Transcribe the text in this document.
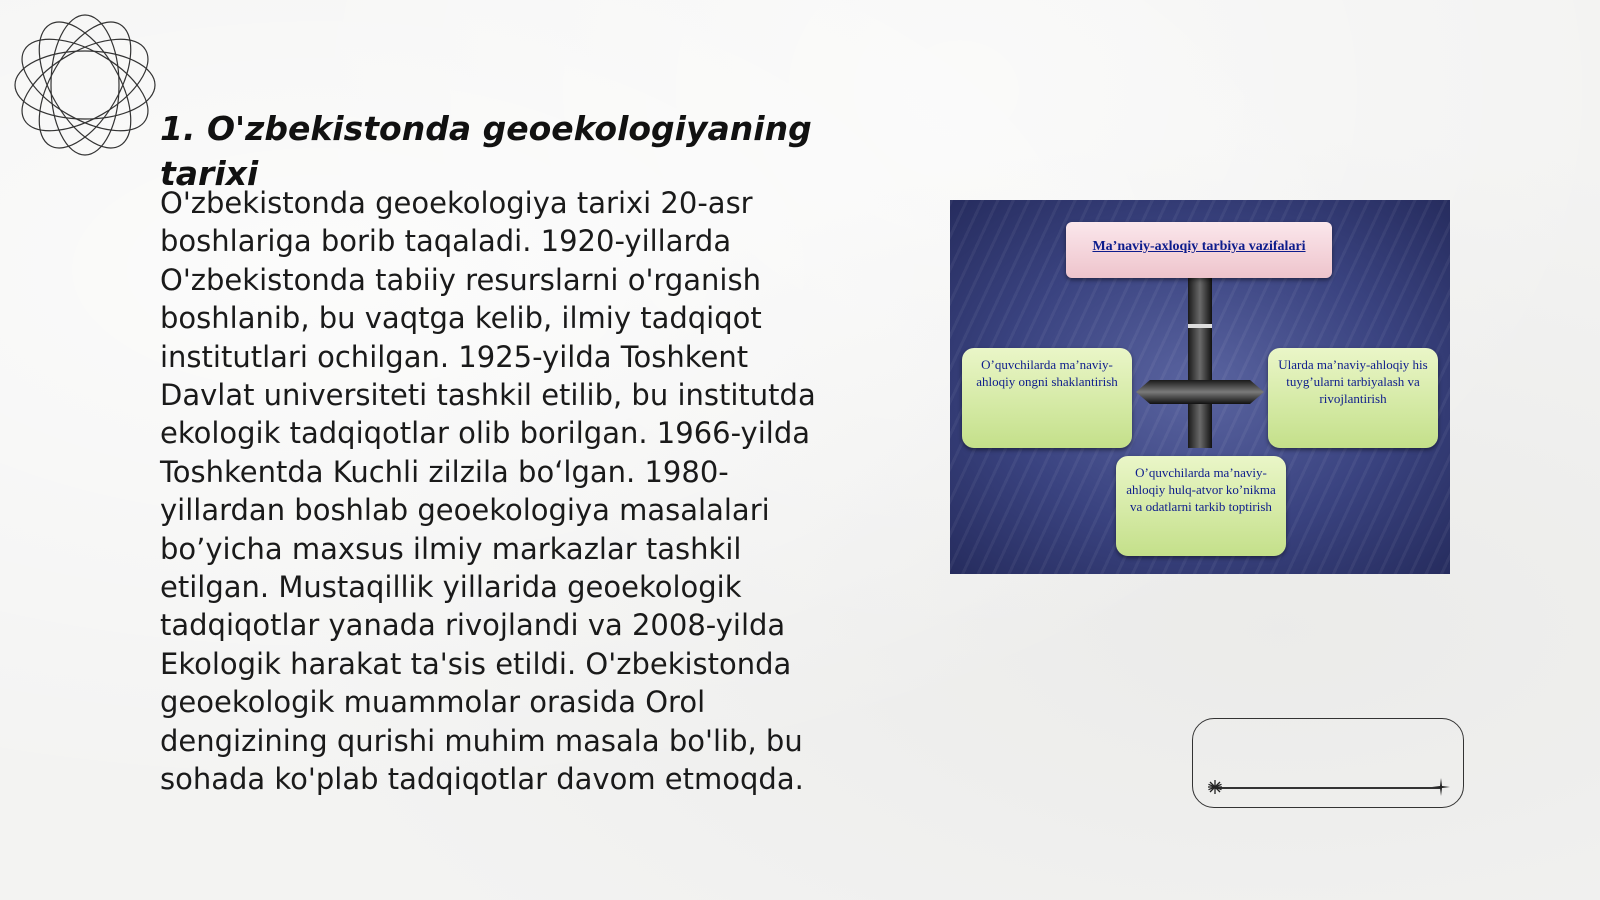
1. O'zbekistonda geoekologiyaning tarixi

O'zbekistonda geoekologiya tarixi 20-asr boshlariga borib taqaladi. 1920-yillarda O'zbekistonda tabiiy resurslarni o'rganish boshlanib, bu vaqtga kelib, ilmiy tadqiqot institutlari ochilgan. 1925-yilda Toshkent Davlat universiteti tashkil etilib, bu institutda ekologik tadqiqotlar olib borilgan. 1966-yilda Toshkentda Kuchli zilzila bo‘lgan. 1980-yillardan boshlab geoekologiya masalalari bo’yicha maxsus ilmiy markazlar tashkil etilgan. Mustaqillik yillarida geoekologik tadqiqotlar yanada rivojlandi va 2008-yilda Ekologik harakat ta'sis etildi. O'zbekistonda geoekologik muammolar orasida Orol dengizining qurishi muhim masala bo'lib, bu sohada ko'plab tadqiqotlar davom etmoqda.

Ma’naviy-axloqiy tarbiya vazifalari
O’quvchilarda ma’naviy-ahloqiy ongni shaklantirish
Ularda ma’naviy-ahloqiy his tuyg’ularni tarbiyalash va rivojlantirish
O’quvchilarda ma’naviy-ahloqiy hulq-atvor ko’nikma va odatlarni tarkib toptirish
